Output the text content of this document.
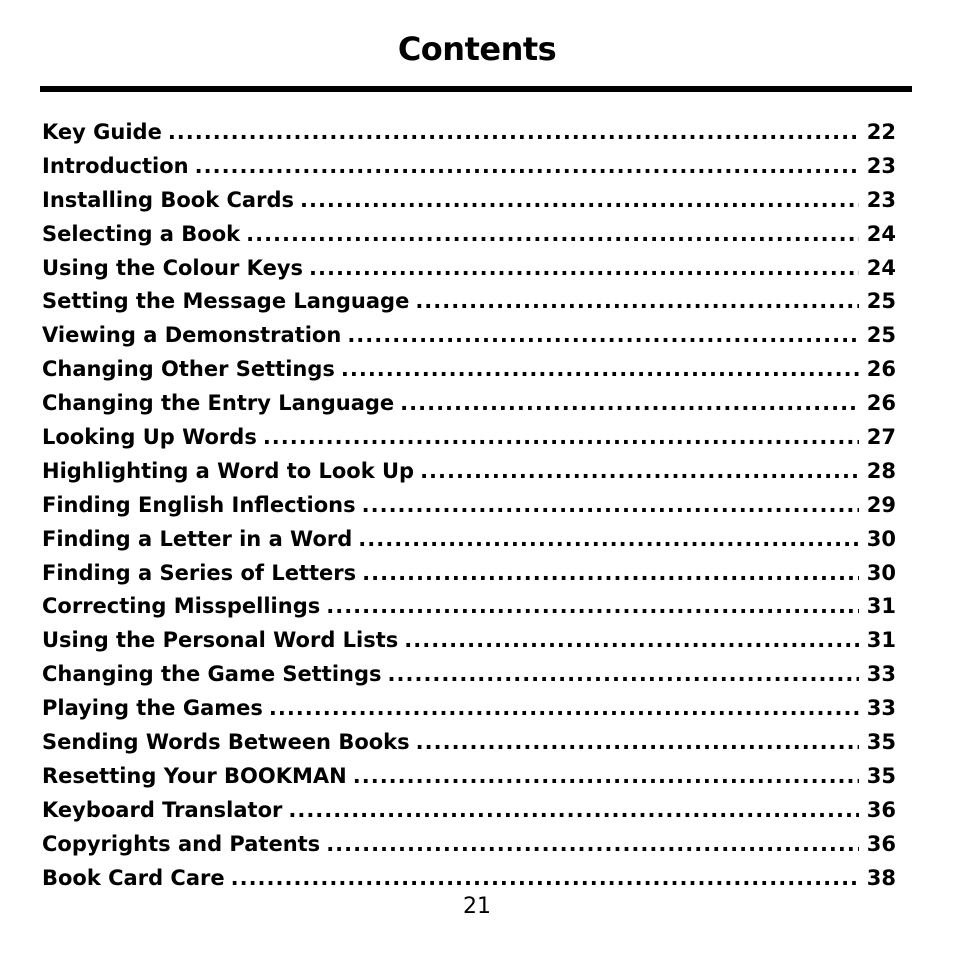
Contents
Key Guide .....	22
Introduction .....	23
Installing Book Cards .....	23
Selecting a Book .....	24
Using the Colour Keys .....	24
Setting the Message Language .....	25
Viewing a Demonstration .....	25
Changing Other Settings .....	26
Changing the Entry Language .....	26
Looking Up Words .....	27
Highlighting a Word to Look Up .....	28
Finding English Inflections .....	29
Finding a Letter in a Word .....	30
Finding a Series of Letters .....	30
Correcting Misspellings .....	31
Using the Personal Word Lists .....	31
Changing the Game Settings .....	33
Playing the Games .....	33
Sending Words Between Books .....	35
Resetting Your BOOKMAN .....	35
Keyboard Translator .....	36
Copyrights and Patents .....	36
Book Card Care .....	38
21
